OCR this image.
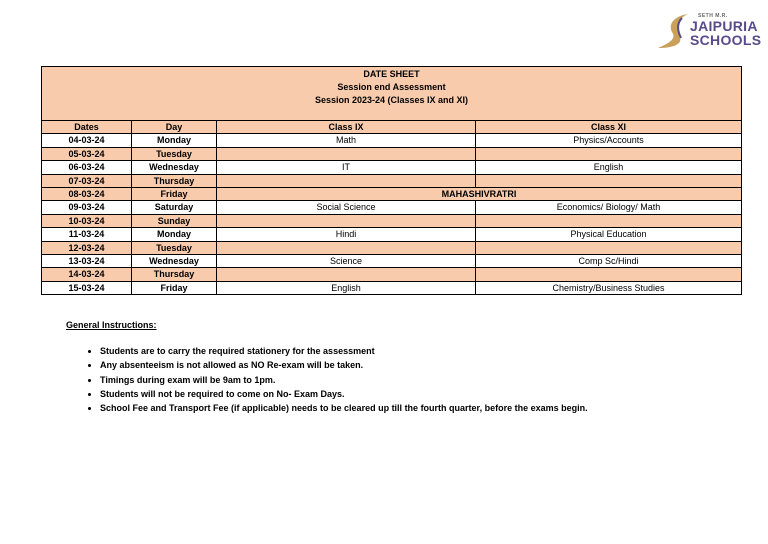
SETH M.R.
JAIPURIA
SCHOOLS
DATE SHEET
Session end Assessment
Session 2023-24 (Classes IX and XI)			

Dates	Day	Class IX	Class XI
04-03-24	Monday	Math	Physics/Accounts
05-03-24	Tuesday		
06-03-24	Wednesday	IT	English
07-03-24	Thursday		
08-03-24	Friday	MAHASHIVRATRI	
09-03-24	Saturday	Social Science	Economics/ Biology/ Math
10-03-24	Sunday		
11-03-24	Monday	Hindi	Physical Education
12-03-24	Tuesday		
13-03-24	Wednesday	Science	Comp Sc/Hindi
14-03-24	Thursday		
15-03-24	Friday	English	Chemistry/Business Studies
General Instructions:
• Students are to carry the required stationery for the assessment
• Any absenteeism is not allowed as NO Re-exam will be taken.
• Timings during exam will be 9am to 1pm.
• Students will not be required to come on No- Exam Days.
• School Fee and Transport Fee (if applicable) needs to be cleared up till the fourth quarter, before the exams begin.
